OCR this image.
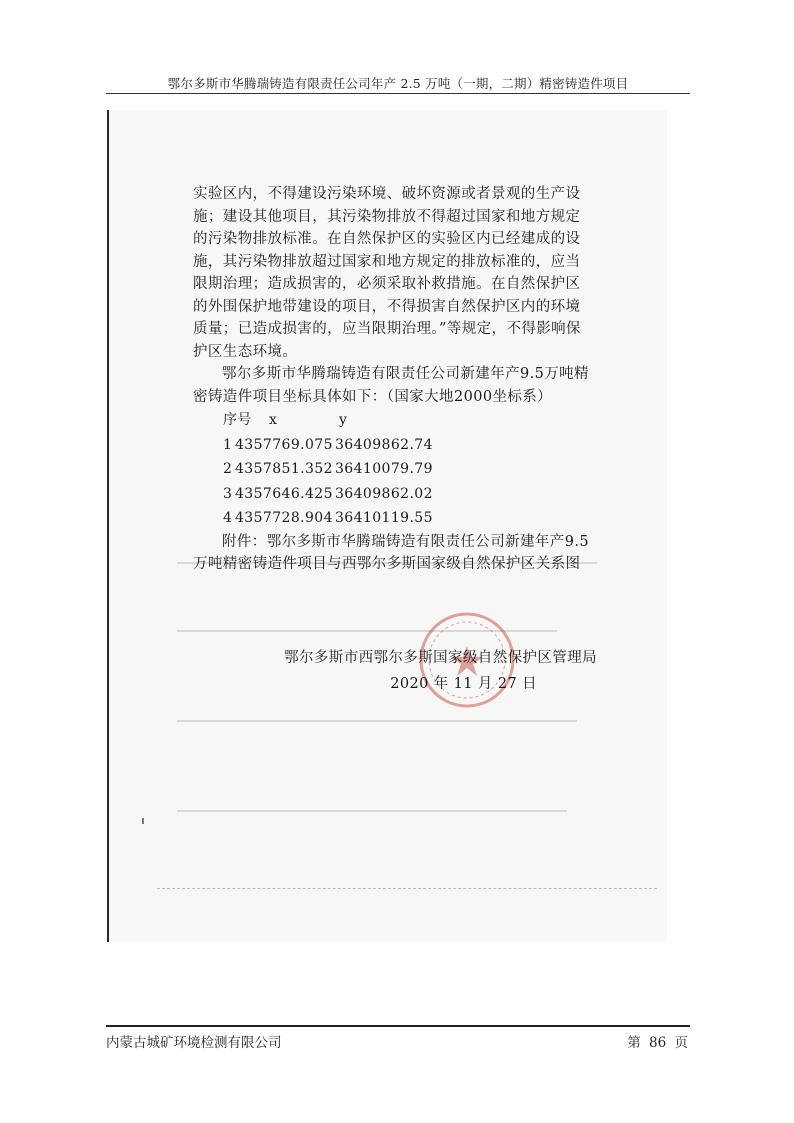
鄂尔多斯市华腾瑞铸造有限责任公司年产 2.5 万吨（一期，二期）精密铸造件项目

实验区内，不得建设污染环境、破坏资源或者景观的生产设施；建设其他项目，其污染物排放不得超过国家和地方规定的污染物排放标准。在自然保护区的实验区内已经建成的设施，其污染物排放超过国家和地方规定的排放标准的，应当限期治理；造成损害的，必须采取补救措施。在自然保护区的外围保护地带建设的项目，不得损害自然保护区内的环境质量；已造成损害的，应当限期治理。”等规定，不得影响保护区生态环境。

鄂尔多斯市华腾瑞铸造有限责任公司新建年产9.5万吨精密铸造件项目坐标具体如下：（国家大地2000坐标系）

序号	x	y
1 4357769.075 36409862.74
2 4357851.352 36410079.79
3 4357646.425 36409862.02
4 4357728.904 36410119.55

附件：鄂尔多斯市华腾瑞铸造有限责任公司新建年产9.5万吨精密铸造件项目与西鄂尔多斯国家级自然保护区关系图

鄂尔多斯市西鄂尔多斯国家级自然保护区管理局
2020 年 11 月 27 日
内蒙古城矿环境检测有限公司	第 86 页
